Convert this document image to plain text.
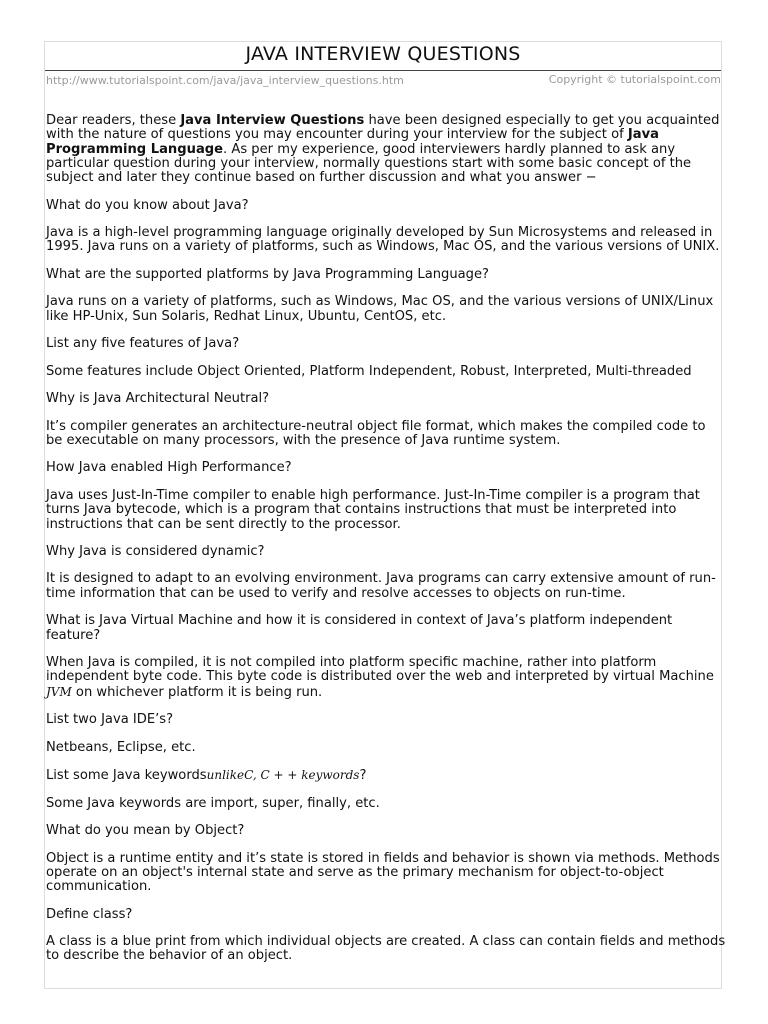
JAVA INTERVIEW QUESTIONS
http://www.tutorialspoint.com/java/java_interview_questions.htm	Copyright © tutorialspoint.com

Dear readers, these Java Interview Questions have been designed especially to get you acquainted with the nature of questions you may encounter during your interview for the subject of Java Programming Language. As per my experience, good interviewers hardly planned to ask any particular question during your interview, normally questions start with some basic concept of the subject and later they continue based on further discussion and what you answer −

What do you know about Java?

Java is a high-level programming language originally developed by Sun Microsystems and released in 1995. Java runs on a variety of platforms, such as Windows, Mac OS, and the various versions of UNIX.

What are the supported platforms by Java Programming Language?

Java runs on a variety of platforms, such as Windows, Mac OS, and the various versions of UNIX/Linux like HP-Unix, Sun Solaris, Redhat Linux, Ubuntu, CentOS, etc.

List any five features of Java?

Some features include Object Oriented, Platform Independent, Robust, Interpreted, Multi-threaded

Why is Java Architectural Neutral?

It’s compiler generates an architecture-neutral object file format, which makes the compiled code to be executable on many processors, with the presence of Java runtime system.

How Java enabled High Performance?

Java uses Just-In-Time compiler to enable high performance. Just-In-Time compiler is a program that turns Java bytecode, which is a program that contains instructions that must be interpreted into instructions that can be sent directly to the processor.

Why Java is considered dynamic?

It is designed to adapt to an evolving environment. Java programs can carry extensive amount of run-time information that can be used to verify and resolve accesses to objects on run-time.

What is Java Virtual Machine and how it is considered in context of Java’s platform independent feature?

When Java is compiled, it is not compiled into platform specific machine, rather into platform independent byte code. This byte code is distributed over the web and interpreted by virtual Machine JVM on whichever platform it is being run.

List two Java IDE’s?

Netbeans, Eclipse, etc.

List some Java keywordsunlikeC, C + + keywords?

Some Java keywords are import, super, finally, etc.

What do you mean by Object?

Object is a runtime entity and it’s state is stored in fields and behavior is shown via methods. Methods operate on an object's internal state and serve as the primary mechanism for object-to-object communication.

Define class?

A class is a blue print from which individual objects are created. A class can contain fields and methods to describe the behavior of an object.
